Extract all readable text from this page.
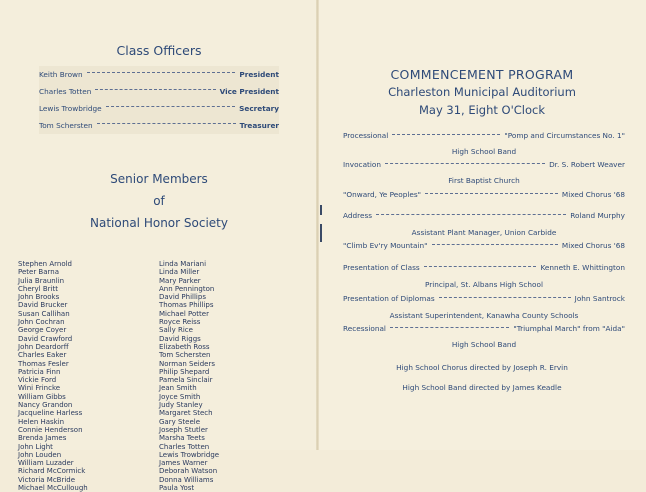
Class Officers
Keith Brown	President
Charles Totten	Vice President
Lewis Trowbridge	Secretary
Tom Schersten	Treasurer
Senior Members
of
National Honor Society
Stephen Arnold
Peter Barna
Julia Braunlin
Cheryl Britt
John Brooks
David Brucker
Susan Callihan
John Cochran
George Coyer
David Crawford
John Deardorff
Charles Eaker
Thomas Fesler
Patricia Finn
Vickie Ford
Wini Frincke
William Gibbs
Nancy Grandon
Jacqueline Harless
Helen Haskin
Connie Henderson
Brenda James
John Light
John Louden
William Luzader
Richard McCormick
Victoria McBride
Michael McCullough
Linda Mariani
Linda Miller
Mary Parker
Ann Pennington
David Phillips
Thomas Phillips
Michael Potter
Royce Reiss
Sally Rice
David Riggs
Elizabeth Ross
Tom Schersten
Norman Seiders
Philip Shepard
Pamela Sinclair
Jean Smith
Joyce Smith
Judy Stanley
Margaret Stech
Gary Steele
Joseph Stutler
Marsha Teets
Charles Totten
Lewis Trowbridge
James Warner
Deborah Watson
Donna Williams
Paula Yost
COMMENCEMENT PROGRAM
Charleston Municipal Auditorium
May 31, Eight O'Clock
Processional	"Pomp and Circumstances No. 1"
High School Band
Invocation	Dr. S. Robert Weaver
First Baptist Church
"Onward, Ye Peoples"	Mixed Chorus '68
Address	Roland Murphy
Assistant Plant Manager, Union Carbide
"Climb Ev'ry Mountain"	Mixed Chorus '68
Presentation of Class	Kenneth E. Whittington
Principal, St. Albans High School
Presentation of Diplomas	John Santrock
Assistant Superintendent, Kanawha County Schools
Recessional	"Triumphal March" from "Aida"
High School Band
High School Chorus directed by Joseph R. Ervin
High School Band directed by James Keadle
